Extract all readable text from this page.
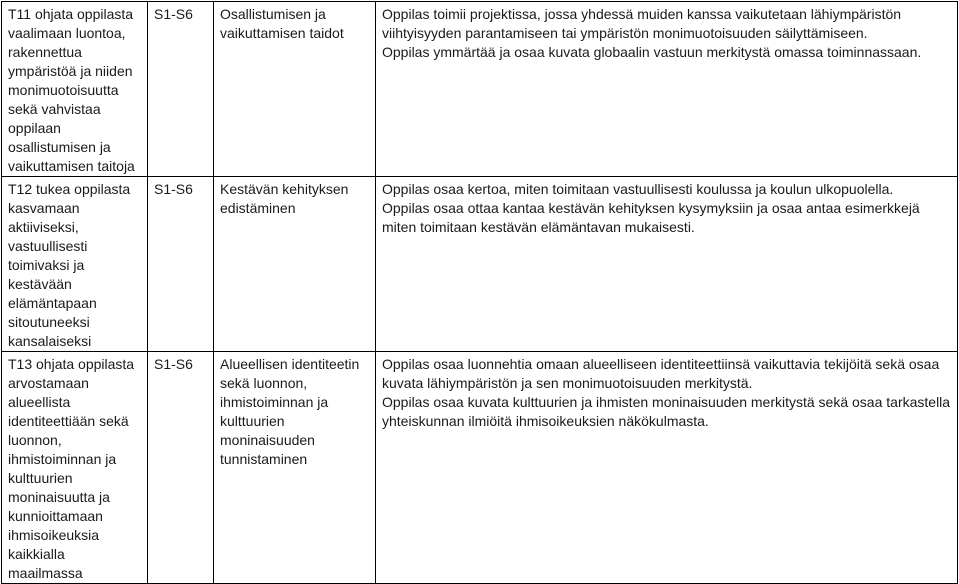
T11 ohjata oppilasta vaalimaan luontoa, rakennettua ympäristöä ja niiden monimuotoisuutta sekä vahvistaa oppilaan osallistumisen ja vaikuttamisen taitoja	S1-S6	Osallistumisen ja vaikuttamisen taidot	Oppilas toimii projektissa, jossa yhdessä muiden kanssa vaikutetaan lähiympäristön viihtyisyyden parantamiseen tai ympäristön monimuotoisuuden säilyttämiseen.
Oppilas ymmärtää ja osaa kuvata globaalin vastuun merkitystä omassa toiminnassaan.

T12 tukea oppilasta kasvamaan aktiiviseksi, vastuullisesti toimivaksi ja kestävään elämäntapaan sitoutuneeksi kansalaiseksi	S1-S6	Kestävän kehityksen edistäminen	Oppilas osaa kertoa, miten toimitaan vastuullisesti koulussa ja koulun ulkopuolella.
Oppilas osaa ottaa kantaa kestävän kehityksen kysymyksiin ja osaa antaa esimerkkejä miten toimitaan kestävän elämäntavan mukaisesti.

T13 ohjata oppilasta arvostamaan alueellista identiteettiään sekä luonnon, ihmistoiminnan ja kulttuurien moninaisuutta ja kunnioittamaan ihmisoikeuksia kaikkialla maailmassa	S1-S6	Alueellisen identiteetin sekä luonnon, ihmistoiminnan ja kulttuurien moninaisuuden tunnistaminen	Oppilas osaa luonnehtia omaan alueelliseen identiteettiinsä vaikuttavia tekijöitä sekä osaa kuvata lähiympäristön ja sen monimuotoisuuden merkitystä.
Oppilas osaa kuvata kulttuurien ja ihmisten moninaisuuden merkitystä sekä osaa tarkastella yhteiskunnan ilmiöitä ihmisoikeuksien näkökulmasta.
